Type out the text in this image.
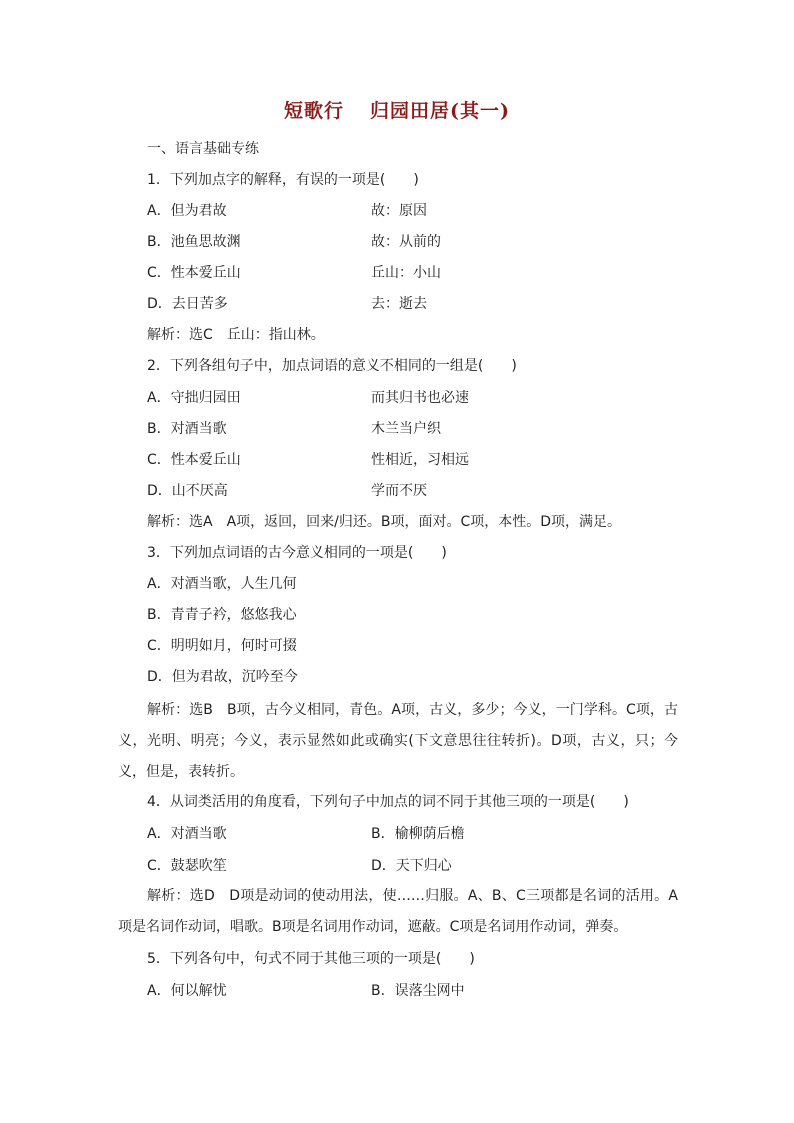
短歌行 归园田居(其一)
一、语言基础专练
1．下列加点字的解释，有误的一项是(　　)
A．但为君故	故：原因
B．池鱼思故渊	故：从前的
C．性本爱丘山	丘山：小山
D．去日苦多	去：逝去
解析：选C　丘山：指山林。
2．下列各组句子中，加点词语的意义不相同的一组是(　　)
A．守拙归园田	而其归书也必速
B．对酒当歌	木兰当户织
C．性本爱丘山	性相近，习相远
D．山不厌高	学而不厌
解析：选A　A项，返回，回来/归还。B项，面对。C项，本性。D项，满足。
3．下列加点词语的古今意义相同的一项是(　　)
A．对酒当歌，人生几何
B．青青子衿，悠悠我心
C．明明如月，何时可掇
D．但为君故，沉吟至今
解析：选B　B项，古今义相同，青色。A项，古义，多少；今义，一门学科。C项，古义，光明、明亮；今义，表示显然如此或确实(下文意思往往转折)。D项，古义，只；今义，但是，表转折。
4．从词类活用的角度看，下列句子中加点的词不同于其他三项的一项是(　　)
A．对酒当歌	B．榆柳荫后檐
C．鼓瑟吹笙	D．天下归心
解析：选D　D项是动词的使动用法，使……归服。A、B、C三项都是名词的活用。A项是名词作动词，唱歌。B项是名词用作动词，遮蔽。C项是名词用作动词，弹奏。
5．下列各句中，句式不同于其他三项的一项是(　　)
A．何以解忧	B．误落尘网中
